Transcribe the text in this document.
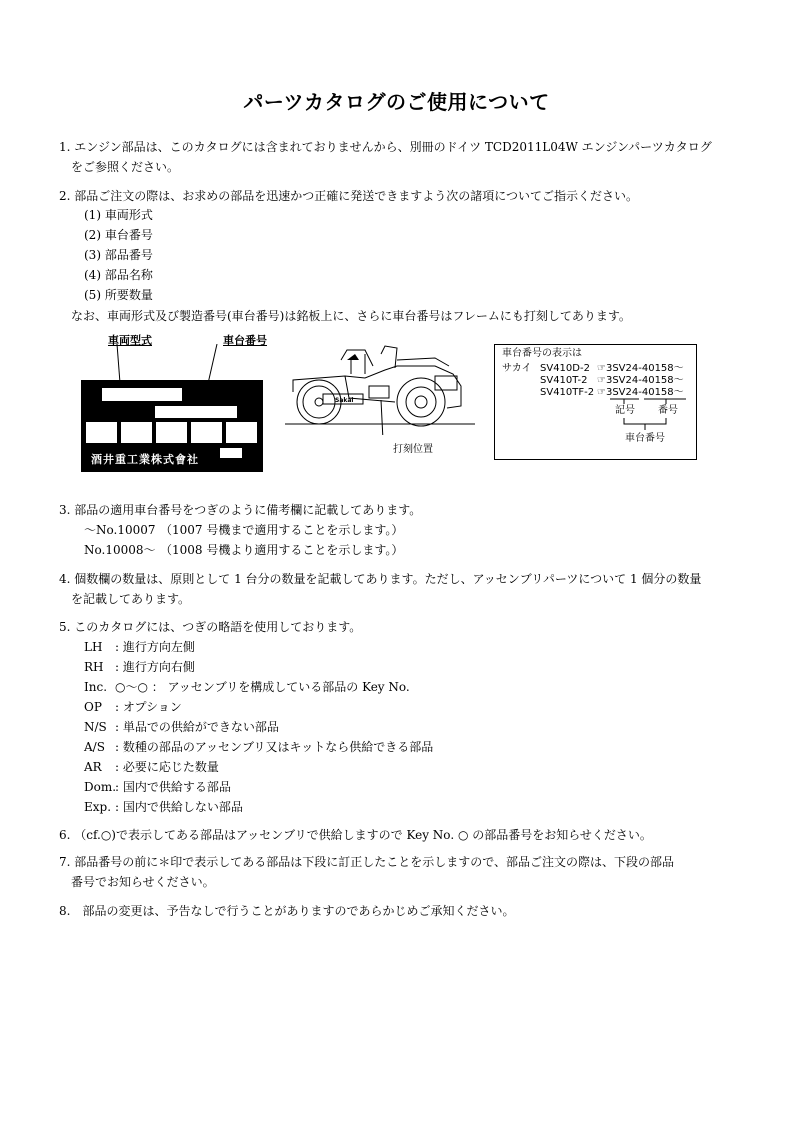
パーツカタログのご使用について
1. エンジン部品は、このカタログには含まれておりませんから、別冊のドイツ TCD2011L04W エンジンパーツカタログ
をご参照ください。
2. 部品ご注文の際は、お求めの部品を迅速かつ正確に発送できますよう次の諸項についてご指示ください。
(1) 車両形式
(2) 車台番号
(3) 部品番号
(4) 部品名称
(5) 所要数量
なお、車両形式及び製造番号(車台番号)は銘板上に、さらに車台番号はフレームにも打刻してあります。
車両型式	車台番号
酒井重工業株式會社
Sakai
打刻位置
車台番号の表示は
サカイ SV410D-2 ☞3SV24-40158～
SV410T-2 ☞3SV24-40158～
SV410TF-2 ☞3SV24-40158～
記号 番号
車台番号
3. 部品の適用車台番号をつぎのように備考欄に記載してあります。
～No.10007 （1007 号機まで適用することを示します。）
No.10008～ （1008 号機より適用することを示します。）
4. 個数欄の数量は、原則として 1 台分の数量を記載してあります。ただし、アッセンブリパーツについて 1 個分の数量
を記載してあります。
5. このカタログには、つぎの略語を使用しております。
LH : 進行方向左側
RH : 進行方向右側
Inc. ○～○ ： アッセンブリを構成している部品の Key No.
OP : オプション
N/S : 単品での供給ができない部品
A/S : 数種の部品のアッセンブリ又はキットなら供給できる部品
AR : 必要に応じた数量
Dom.
: 国内で供給する部品
Exp. : 国内で供給しない部品
6. （cf.○)で表示してある部品はアッセンブリで供給しますので Key No. ○ の部品番号をお知らせください。
7. 部品番号の前に＊印で表示してある部品は下段に訂正したことを示しますので、部品ご注文の際は、下段の部品
番号でお知らせください。
8.　部品の変更は、予告なしで行うことがありますのであらかじめご承知ください。
